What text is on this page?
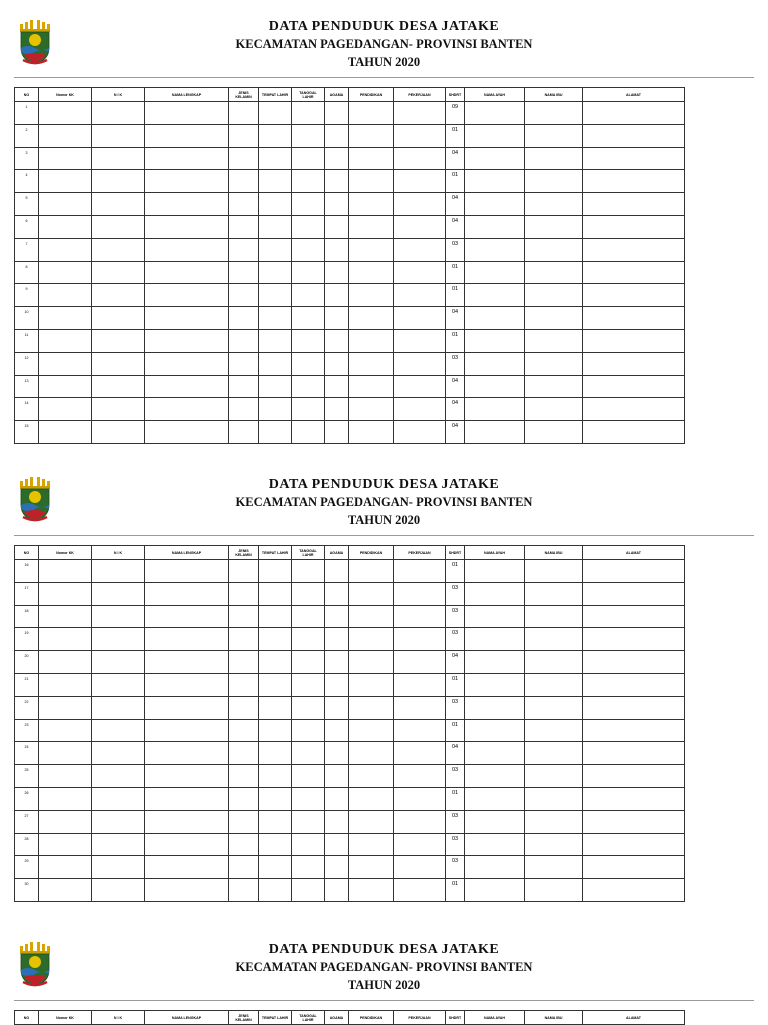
DATA PENDUDUK DESA JATAKE
KECAMATAN PAGEDANGAN- PROVINSI BANTEN
TAHUN 2020
NO	Nomor KK	N I K	NAMA LENGKAP	JENIS KELAMIN	TEMPAT LAHIR	TANGGAL LAHIR	AGAMA	PENDIDIKAN	PEKERJAAN	SHDRT	NAMA AYAH	NAMA IBU	ALAMAT
1										09			
2										01			
3										04			
4										01			
5										04			
6										04			
7										03			
8										01			
9										01			
10										04			
11										01			
12										03			
13										04			
14										04			
15										04			
DATA PENDUDUK DESA JATAKE
KECAMATAN PAGEDANGAN- PROVINSI BANTEN
TAHUN 2020
NO	Nomor KK	N I K	NAMA LENGKAP	JENIS KELAMIN	TEMPAT LAHIR	TANGGAL LAHIR	AGAMA	PENDIDIKAN	PEKERJAAN	SHDRT	NAMA AYAH	NAMA IBU	ALAMAT
16										01			
17										03			
18										03			
19										03			
20										04			
21										01			
22										03			
23										01			
24										04			
25										03			
26										01			
27										03			
28										03			
29										03			
30										01			
DATA PENDUDUK DESA JATAKE
KECAMATAN PAGEDANGAN- PROVINSI BANTEN
TAHUN 2020
NO	Nomor KK	N I K	NAMA LENGKAP	JENIS KELAMIN	TEMPAT LAHIR	TANGGAL LAHIR	AGAMA	PENDIDIKAN	PEKERJAAN	SHDRT	NAMA AYAH	NAMA IBU	ALAMAT
